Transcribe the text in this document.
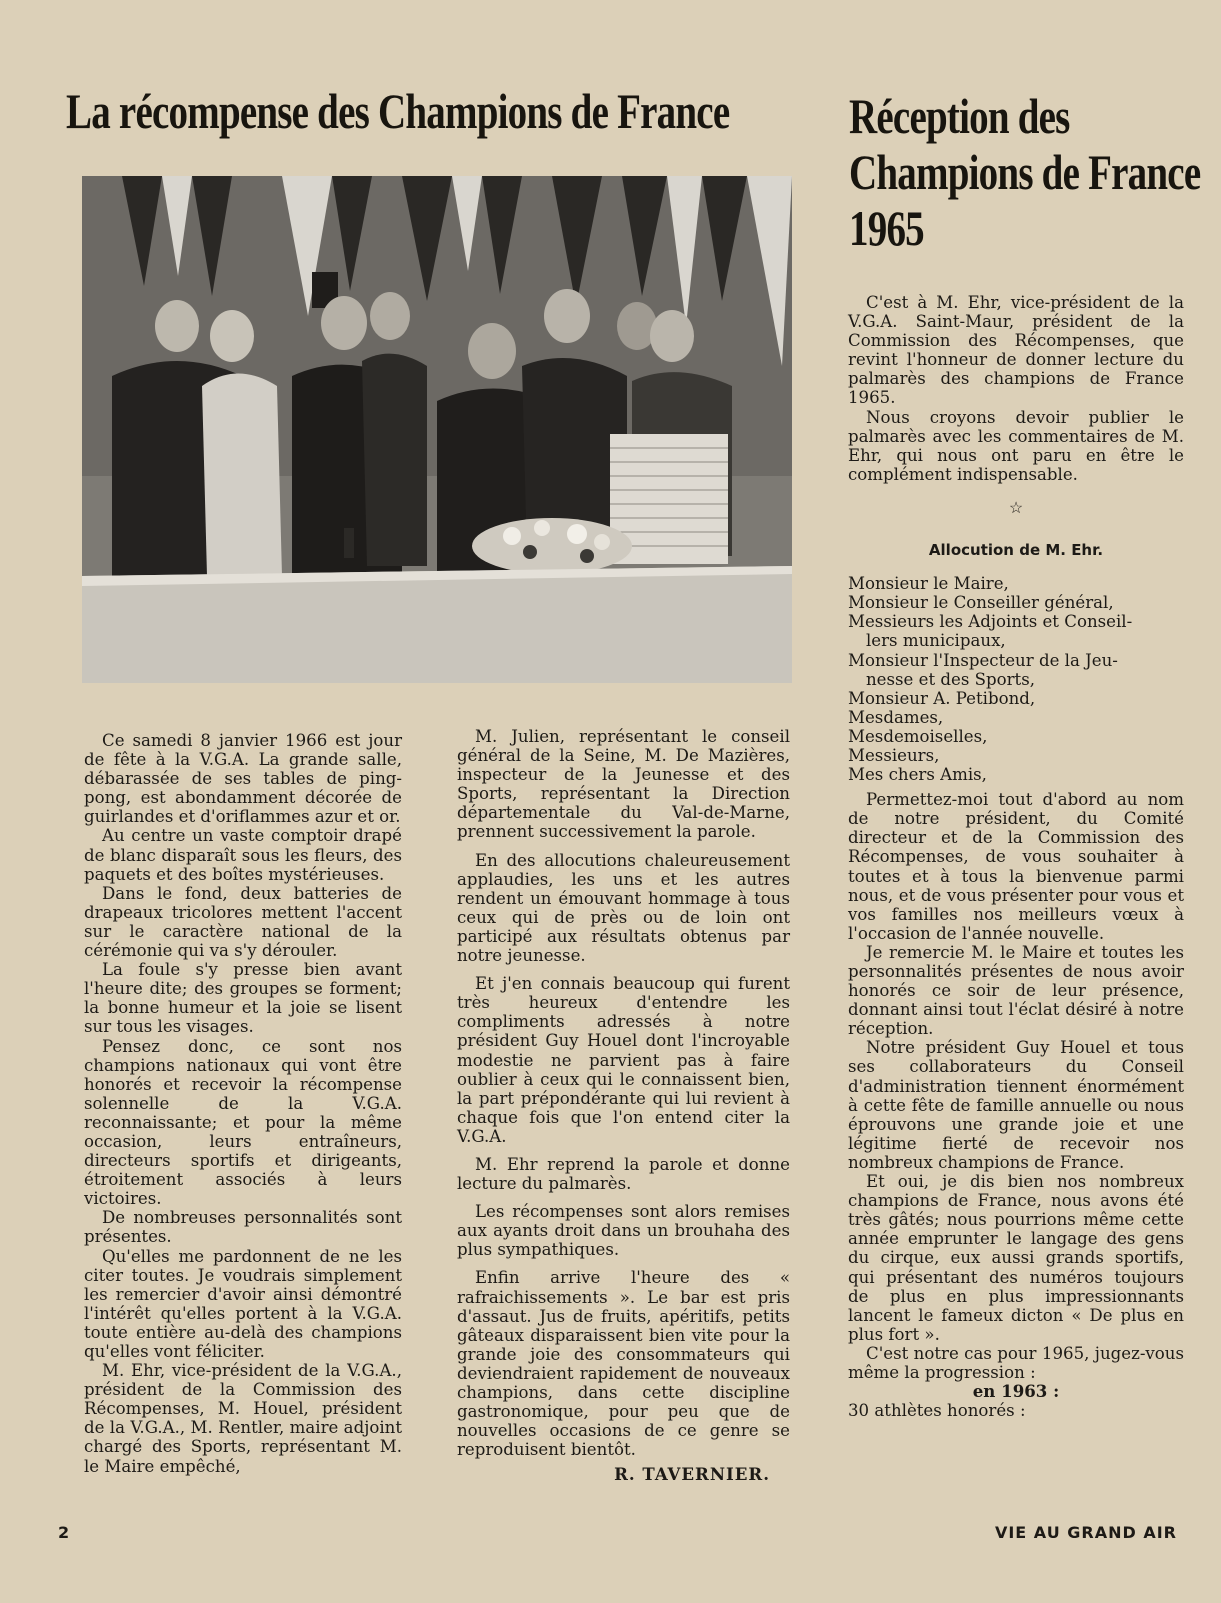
La récompense des Champions de France Réception des
Champions de France
1965

Ce samedi 8 janvier 1966 est jour de fête à la V.G.A. La grande salle, débarassée de ses tables de ping-pong, est abondamment décorée de guirlandes et d'oriflammes azur et or.

Au centre un vaste comptoir drapé de blanc disparaît sous les fleurs, des paquets et des boîtes mystérieuses.

Dans le fond, deux batteries de drapeaux tricolores mettent l'accent sur le caractère national de la cérémonie qui va s'y dérouler.

La foule s'y presse bien avant l'heure dite; des groupes se forment; la bonne humeur et la joie se lisent sur tous les visages.

Pensez donc, ce sont nos champions nationaux qui vont être honorés et recevoir la récompense solennelle de la V.G.A. reconnaissante; et pour la même occasion, leurs entraîneurs, directeurs sportifs et dirigeants, étroitement associés à leurs victoires.

De nombreuses personnalités sont présentes.

Qu'elles me pardonnent de ne les citer toutes. Je voudrais simplement les remercier d'avoir ainsi démontré l'intérêt qu'elles portent à la V.G.A. toute entière au-delà des champions qu'elles vont féliciter.

M. Ehr, vice-président de la V.G.A., président de la Commission des Récompenses, M. Houel, président de la V.G.A., M. Rentler, maire adjoint chargé des Sports, représentant M. le Maire empêché,

M. Julien, représentant le conseil général de la Seine, M. De Mazières, inspecteur de la Jeunesse et des Sports, représentant la Direction départementale du Val-de-Marne, prennent successivement la parole.

En des allocutions chaleureusement applaudies, les uns et les autres rendent un émouvant hommage à tous ceux qui de près ou de loin ont participé aux résultats obtenus par notre jeunesse.

Et j'en connais beaucoup qui furent très heureux d'entendre les compliments adressés à notre président Guy Houel dont l'incroyable modestie ne parvient pas à faire oublier à ceux qui le connaissent bien, la part prépondérante qui lui revient à chaque fois que l'on entend citer la V.G.A.

M. Ehr reprend la parole et donne lecture du palmarès.

Les récompenses sont alors remises aux ayants droit dans un brouhaha des plus sympathiques.

Enfin arrive l'heure des « rafraichissements ». Le bar est pris d'assaut. Jus de fruits, apéritifs, petits gâteaux disparaissent bien vite pour la grande joie des consommateurs qui deviendraient rapidement de nouveaux champions, dans cette discipline gastronomique, pour peu que de nouvelles occasions de ce genre se reproduisent bientôt.

R. TAVERNIER.

C'est à M. Ehr, vice-président de la V.G.A. Saint-Maur, président de la Commission des Récompenses, que revint l'honneur de donner lecture du palmarès des champions de France 1965.

Nous croyons devoir publier le palmarès avec les commentaires de M. Ehr, qui nous ont paru en être le complément indispensable.

☆
Allocution de M. Ehr.
Monsieur le Maire,
Monsieur le Conseiller général,
Messieurs les Adjoints et Conseil-
lers municipaux,
Monsieur l'Inspecteur de la Jeu-
nesse et des Sports,
Monsieur A. Petibond,
Mesdames,
Mesdemoiselles,
Messieurs,
Mes chers Amis,

Permettez-moi tout d'abord au nom de notre président, du Comité directeur et de la Commission des Récompenses, de vous souhaiter à toutes et à tous la bienvenue parmi nous, et de vous présenter pour vous et vos familles nos meilleurs vœux à l'occasion de l'année nouvelle.

Je remercie M. le Maire et toutes les personnalités présentes de nous avoir honorés ce soir de leur présence, donnant ainsi tout l'éclat désiré à notre réception.

Notre président Guy Houel et tous ses collaborateurs du Conseil d'administration tiennent énormément à cette fête de famille annuelle ou nous éprouvons une grande joie et une légitime fierté de recevoir nos nombreux champions de France.

Et oui, je dis bien nos nombreux champions de France, nous avons été très gâtés; nous pourrions même cette année emprunter le langage des gens du cirque, eux aussi grands sportifs, qui présentant des numéros toujours de plus en plus impressionnants lancent le fameux dicton « De plus en plus fort ».

C'est notre cas pour 1965, jugez-vous même la progression :

en 1963 :

30 athlètes honorés :

2	VIE AU GRAND AIR
